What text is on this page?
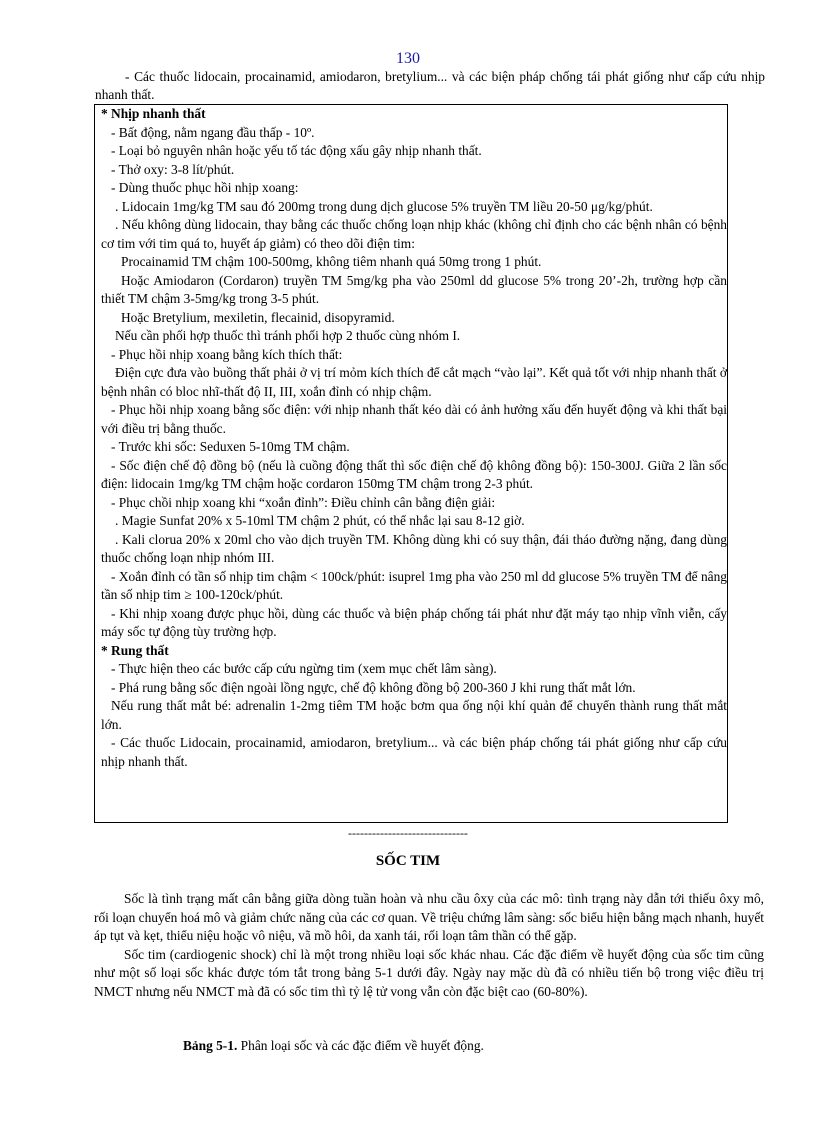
130
- Các thuốc lidocain, procainamid, amiodaron, bretylium... và các biện pháp chống tái phát giống như cấp cứu nhịp nhanh thất.

* Nhịp nhanh thất

- Bất động, nằm ngang đầu thấp - 10º.

- Loại bỏ nguyên nhân hoặc yếu tố tác động xấu gây nhịp nhanh thất.

- Thở oxy: 3-8 lít/phút.

- Dùng thuốc phục hồi nhịp xoang:

. Lidocain 1mg/kg TM sau đó 200mg trong dung dịch glucose 5% truyền TM liều 20-50 μg/kg/phút.

. Nếu không dùng lidocain, thay bằng các thuốc chống loạn nhịp khác (không chỉ định cho các bệnh nhân có bệnh cơ tim với tim quá to, huyết áp giảm) có theo dõi điện tim:

Procainamid TM chậm 100-500mg, không tiêm nhanh quá 50mg trong 1 phút.

Hoặc Amiodaron (Cordaron) truyền TM 5mg/kg pha vào 250ml dd glucose 5% trong 20’-2h, trường hợp cần thiết TM chậm 3-5mg/kg trong 3-5 phút.

Hoặc Bretylium, mexiletin, flecainid, disopyramid.

Nếu cần phối hợp thuốc thì tránh phối hợp 2 thuốc cùng nhóm I.

- Phục hồi nhịp xoang bằng kích thích thất:

Điện cực đưa vào buồng thất phải ở vị trí mỏm kích thích để cắt mạch “vào lại”. Kết quả tốt với nhịp nhanh thất ở bệnh nhân có bloc nhĩ-thất độ II, III, xoắn đỉnh có nhịp chậm.

- Phục hồi nhịp xoang bằng sốc điện: với nhịp nhanh thất kéo dài có ảnh hưởng xấu đến huyết động và khi thất bại với điều trị bằng thuốc.

- Trước khi sốc: Seduxen 5-10mg TM chậm.

- Sốc điện chế độ đồng bộ (nếu là cuồng động thất thì sốc điện chế độ không đồng bộ): 150-300J. Giữa 2 lần sốc điện: lidocain 1mg/kg TM chậm hoặc cordaron 150mg TM chậm trong 2-3 phút.

- Phục chồi nhịp xoang khi “xoắn đỉnh”: Điều chỉnh cân bằng điện giải:

. Magie Sunfat 20% x 5-10ml TM chậm 2 phút, có thể nhắc lại sau 8-12 giờ.

. Kali clorua 20% x 20ml cho vào dịch truyền TM. Không dùng khi có suy thận, đái tháo đường nặng, đang dùng thuốc chống loạn nhịp nhóm III.

- Xoắn đỉnh có tần số nhịp tim chậm < 100ck/phút: isuprel 1mg pha vào 250 ml dd glucose 5% truyền TM để nâng tần số nhịp tim ≥ 100-120ck/phút.

- Khi nhịp xoang được phục hồi, dùng các thuốc và biện pháp chống tái phát như đặt máy tạo nhịp vĩnh viễn, cấy máy sốc tự động tùy trường hợp.

* Rung thất

- Thực hiện theo các bước cấp cứu ngừng tim (xem mục chết lâm sàng).

- Phá rung bằng sốc điện ngoài lồng ngực, chế độ không đồng bộ 200-360 J khi rung thất mắt lớn.

Nếu rung thất mắt bé: adrenalin 1-2mg tiêm TM hoặc bơm qua ống nội khí quản để chuyển thành rung thất mắt lớn.

- Các thuốc Lidocain, procainamid, amiodaron, bretylium... và các biện pháp chống tái phát giống như cấp cứu nhịp nhanh thất.

------------------------------
SỐC TIM

Sốc là tình trạng mất cân bằng giữa dòng tuần hoàn và nhu cầu ôxy của các mô: tình trạng này dẫn tới thiếu ôxy mô, rối loạn chuyển hoá mô và giảm chức năng của các cơ quan. Về triệu chứng lâm sàng: sốc biểu hiện bằng mạch nhanh, huyết áp tụt và kẹt, thiểu niệu hoặc vô niệu, vã mồ hôi, da xanh tái, rối loạn tâm thần có thể gặp.

Sốc tim (cardiogenic shock) chỉ là một trong nhiều loại sốc khác nhau. Các đặc điểm về huyết động của sốc tim cũng như một số loại sốc khác được tóm tắt trong bảng 5-1 dưới đây. Ngày nay mặc dù đã có nhiều tiến bộ trong việc điều trị NMCT nhưng nếu NMCT mà đã có sốc tim thì tỷ lệ tử vong vẫn còn đặc biệt cao (60-80%).

Bảng 5-1. Phân loại sốc và các đặc điểm về huyết động.
